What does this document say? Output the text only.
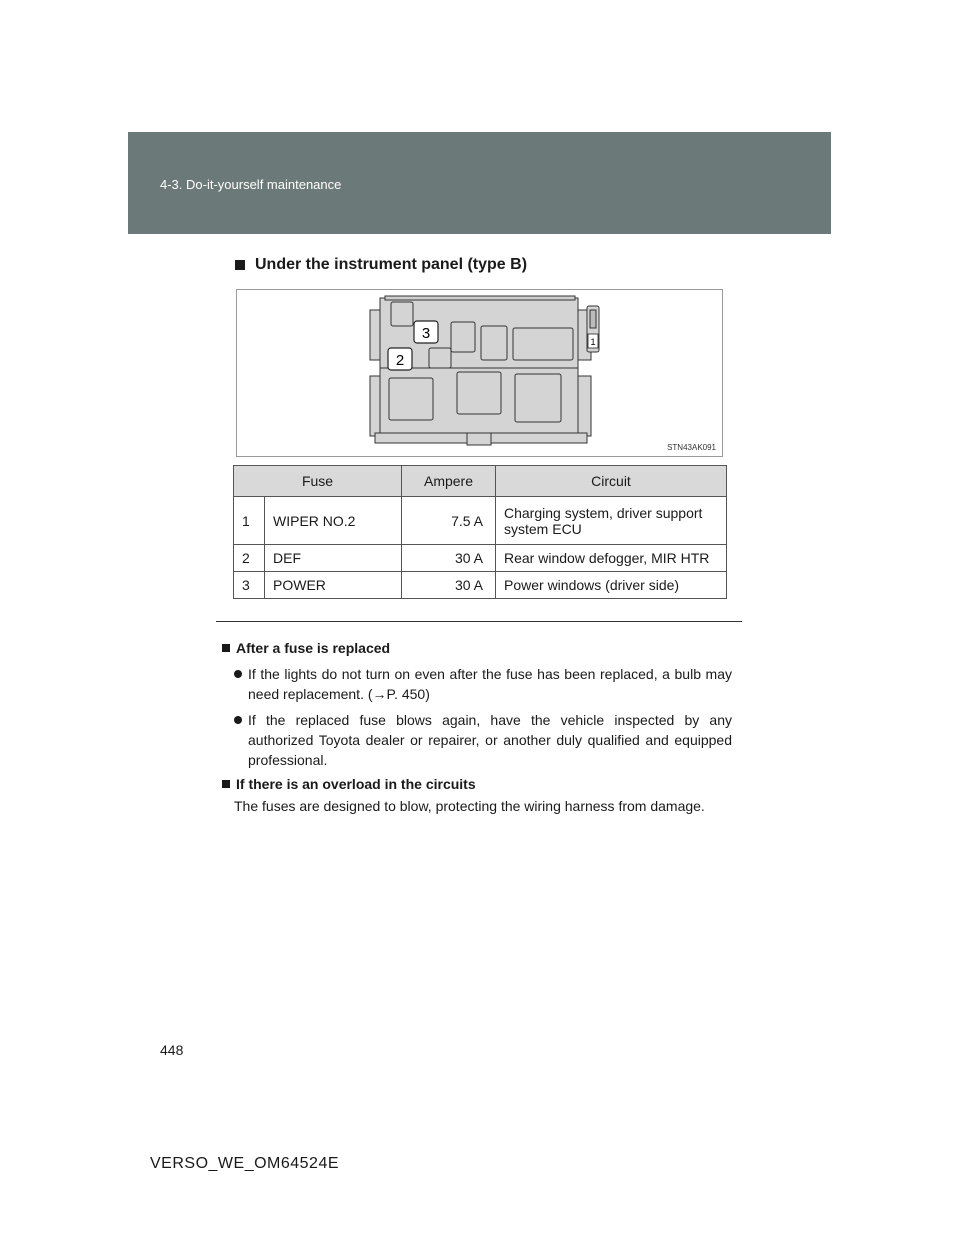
4-3. Do-it-yourself maintenance
Under the instrument panel (type B)
3
2
1
STN43AK091
Fuse		Ampere	Circuit
1	WIPER NO.2	7.5 A	Charging system, driver support system ECU
2	DEF	30 A	Rear window defogger, MIR HTR
3	POWER	30 A	Power windows (driver side)
After a fuse is replaced
If the lights do not turn on even after the fuse has been replaced, a bulb may need replacement. (→P. 450)
If the replaced fuse blows again, have the vehicle inspected by any authorized Toyota dealer or repairer, or another duly qualified and equipped professional.
If there is an overload in the circuits
The fuses are designed to blow, protecting the wiring harness from damage.
448
VERSO_WE_OM64524E
